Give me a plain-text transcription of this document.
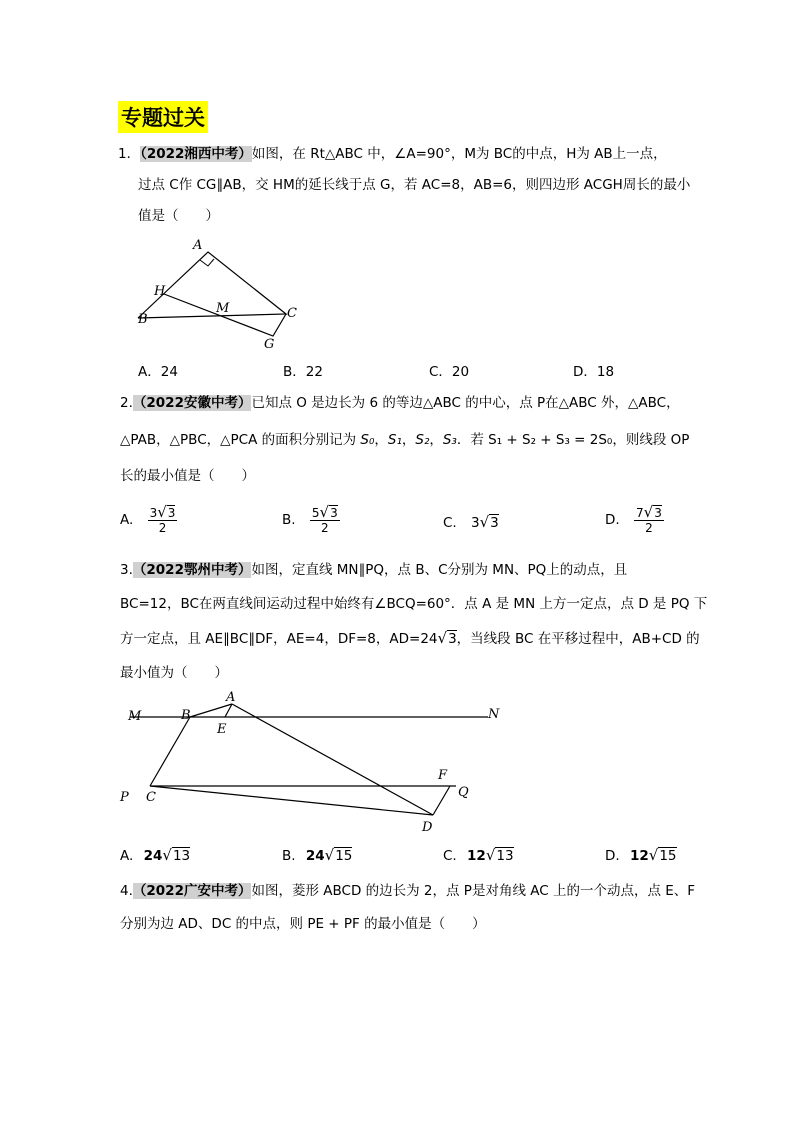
专题过关
1．（2022湘西中考）如图，在 Rt△ABC 中，∠A=90°，M为 BC的中点，H为 AB上一点，
过点 C作 CG∥AB，交 HM的延长线于点 G，若 AC=8，AB=6，则四边形 ACGH周长的最小
值是（　　）
A
H
M
B	C
G
A．24	B．22	C．20	D．18
2.（2022安徽中考）已知点 O 是边长为 6 的等边△ABC 的中心，点 P在△ABC 外，△ABC，
△PAB，△PBC，△PCA 的面积分别记为 S₀，S₁，S₂，S₃．若 S₁ + S₂ + S₃ = 2S₀，则线段 OP
长的最小值是（　　）
A. $\frac{3√3}{2}$	B. $\frac{5√3}{2}$	C. 3√3	D. $\frac{7√3}{2}$
3.（2022鄂州中考）如图，定直线 MN∥PQ，点 B、C分别为 MN、PQ上的动点，且
BC=12，BC在两直线间运动过程中始终有∠BCQ=60°．点 A 是 MN 上方一定点，点 D 是 PQ 下
方一定点，且 AE∥BC∥DF，AE=4，DF=8，AD=24√3，当线段 BC 在平移过程中，AB+CD 的
最小值为（　　）
M	B
A
E
N
F
P C	Q
D
A. 24√13	B. 24√15	C. 12√13	D. 12√15
4.（2022广安中考）如图，菱形 ABCD 的边长为 2，点 P是对角线 AC 上的一个动点，点 E、F
分别为边 AD、DC 的中点，则 PE + PF 的最小值是（　　）
